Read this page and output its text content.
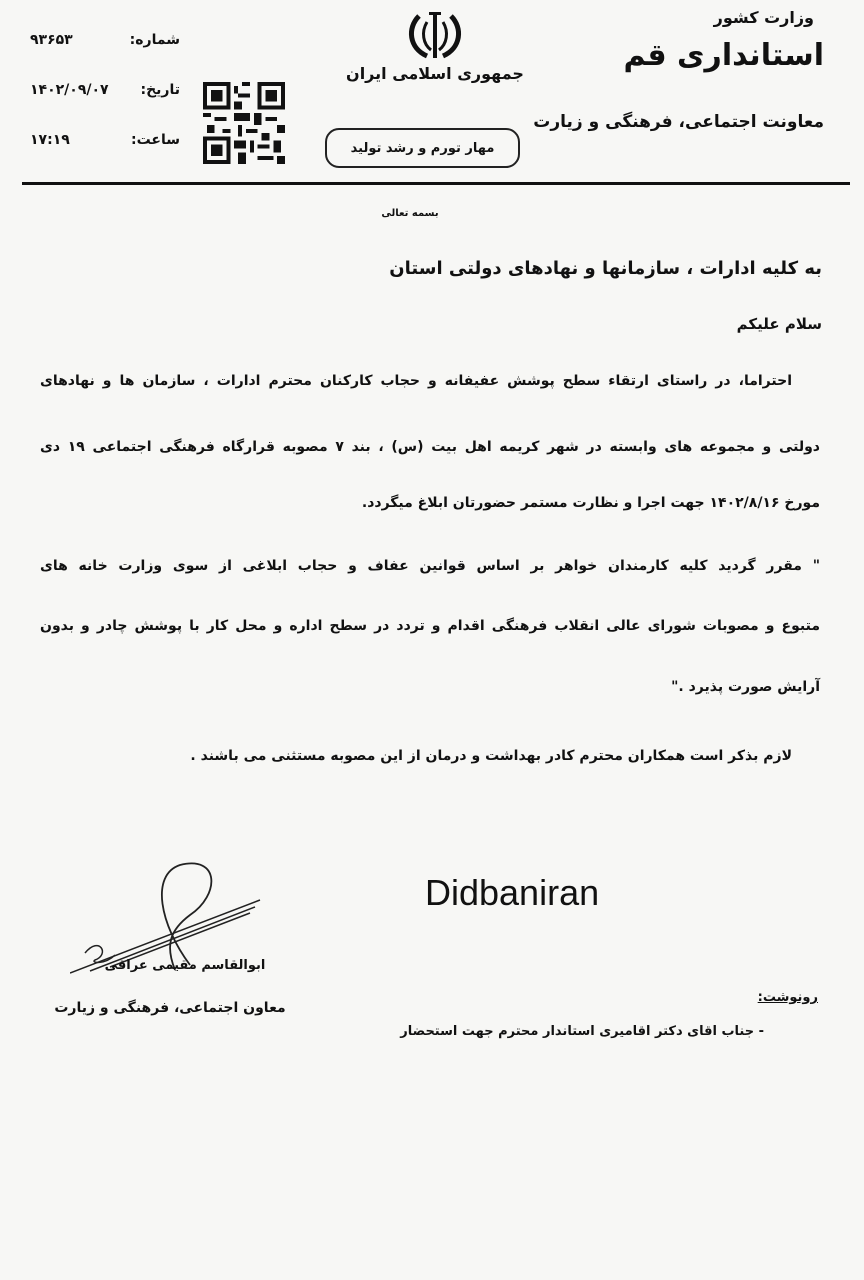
وزارت کشور
استانداری قم
معاونت اجتماعی، فرهنگی و زیارت
جمهوری اسلامی ایران
مهار تورم و رشد تولید
شماره:
۹۳۶۵۳
تاریخ:
۱۴۰۲/۰۹/۰۷
ساعت:
۱۷:۱۹
بسمه تعالی
به کلیه ادارات ، سازمانها و نهادهای دولتی استان
سلام علیکم
احتراما، در راستای ارتقاء سطح پوشش عفیفانه و حجاب کارکنان محترم ادارات ، سازمان ها و نهادهای
دولتی و مجموعه های وابسته در شهر کریمه اهل بیت (س) ، بند ۷ مصوبه قرارگاه فرهنگی اجتماعی ۱۹ دی
مورخ ۱۴۰۲/۸/۱۶ جهت اجرا و نظارت مستمر حضورتان ابلاغ میگردد.
" مقرر گردید کلیه کارمندان خواهر بر اساس قوانین عفاف و حجاب ابلاغی از سوی وزارت خانه های
متبوع و مصوبات شورای عالی انقلاب فرهنگی اقدام و تردد در سطح اداره و محل کار با پوشش چادر و بدون
آرایش صورت پذیرد ."
لازم بذکر است همکاران محترم کادر بهداشت و درمان از این مصوبه مستثنی می باشند .
ابوالقاسم مقیمی عراقی
معاون اجتماعی، فرهنگی و زیارت
Didbaniran
رونوشت:
- جناب اقای دکتر اقامیری استاندار محترم جهت استحضار
